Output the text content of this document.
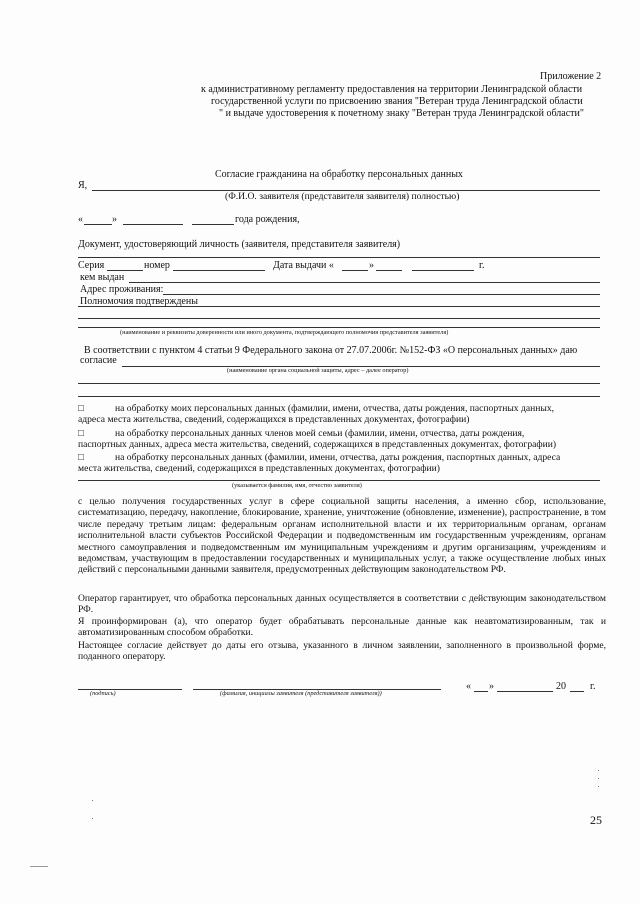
Приложение 2
к административному регламенту предоставления на территории Ленинградской области
государственной услуги по присвоению звания "Ветеран труда Ленинградской области
" и выдаче удостоверения к почетному знаку "Ветеран труда Ленинградской области"
Согласие гражданина на обработку персональных данных
Я,
(Ф.И.О. заявителя (представителя заявителя) полностью)
«	»	года рождения,
Документ, удостоверяющий личность (заявителя, представителя заявителя)
Серия	номер	Дата выдачи «	»	г.
кем выдан
Адрес проживания:
Полномочия подтверждены
(наименование и реквизиты доверенности или иного документа, подтверждающего полномочия представителя заявителя)
В соответствии с пунктом 4 статьи 9 Федерального закона от 27.07.2006г. №152-ФЗ «О персональных данных» даю
согласие
(наименование органа социальной защиты, адрес – далее оператор)
□	на обработку моих персональных данных (фамилии, имени, отчества, даты рождения, паспортных данных,
адреса места жительства, сведений, содержащихся в представленных документах, фотографии)
□	на обработку персональных данных членов моей семьи (фамилии, имени, отчества, даты рождения,
паспортных данных, адреса места жительства, сведений, содержащихся в представленных документах, фотографии)
□	на обработку персональных данных (фамилии, имени, отчества, даты рождения, паспортных данных, адреса
места жительства, сведений, содержащихся в представленных документах, фотографии)
(указывается фамилия, имя, отчество заявителя)
с целью получения государственных услуг в сфере социальной защиты населения, а именно сбор, использование, систематизацию, передачу, накопление, блокирование, хранение, уничтожение (обновление, изменение), распространение, в том числе передачу третьим лицам: федеральным органам исполнительной власти и их территориальным органам, органам исполнительной власти субъектов Российской Федерации и подведомственным им государственным учреждениям, органам местного самоуправления и подведомственным им муниципальным учреждениям и другим организациям, учреждениям и ведомствам, участвующим в предоставлении государственных и муниципальных услуг, а также осуществление любых иных действий с персональными данными заявителя, предусмотренных действующим законодательством РФ.
Оператор гарантирует, что обработка персональных данных осуществляется в соответствии с действующим законодательством РФ.
Я проинформирован (а), что оператор будет обрабатывать персональные данные как неавтоматизированным, так и автоматизированным способом обработки.
Настоящее согласие действует до даты его отзыва, указанного в личном заявлении, заполненного в произвольной форме, поданного оператору.
(подпись)	(фамилия, инициалы заявителя (представителя заявителя))
« »	20 г.
25
